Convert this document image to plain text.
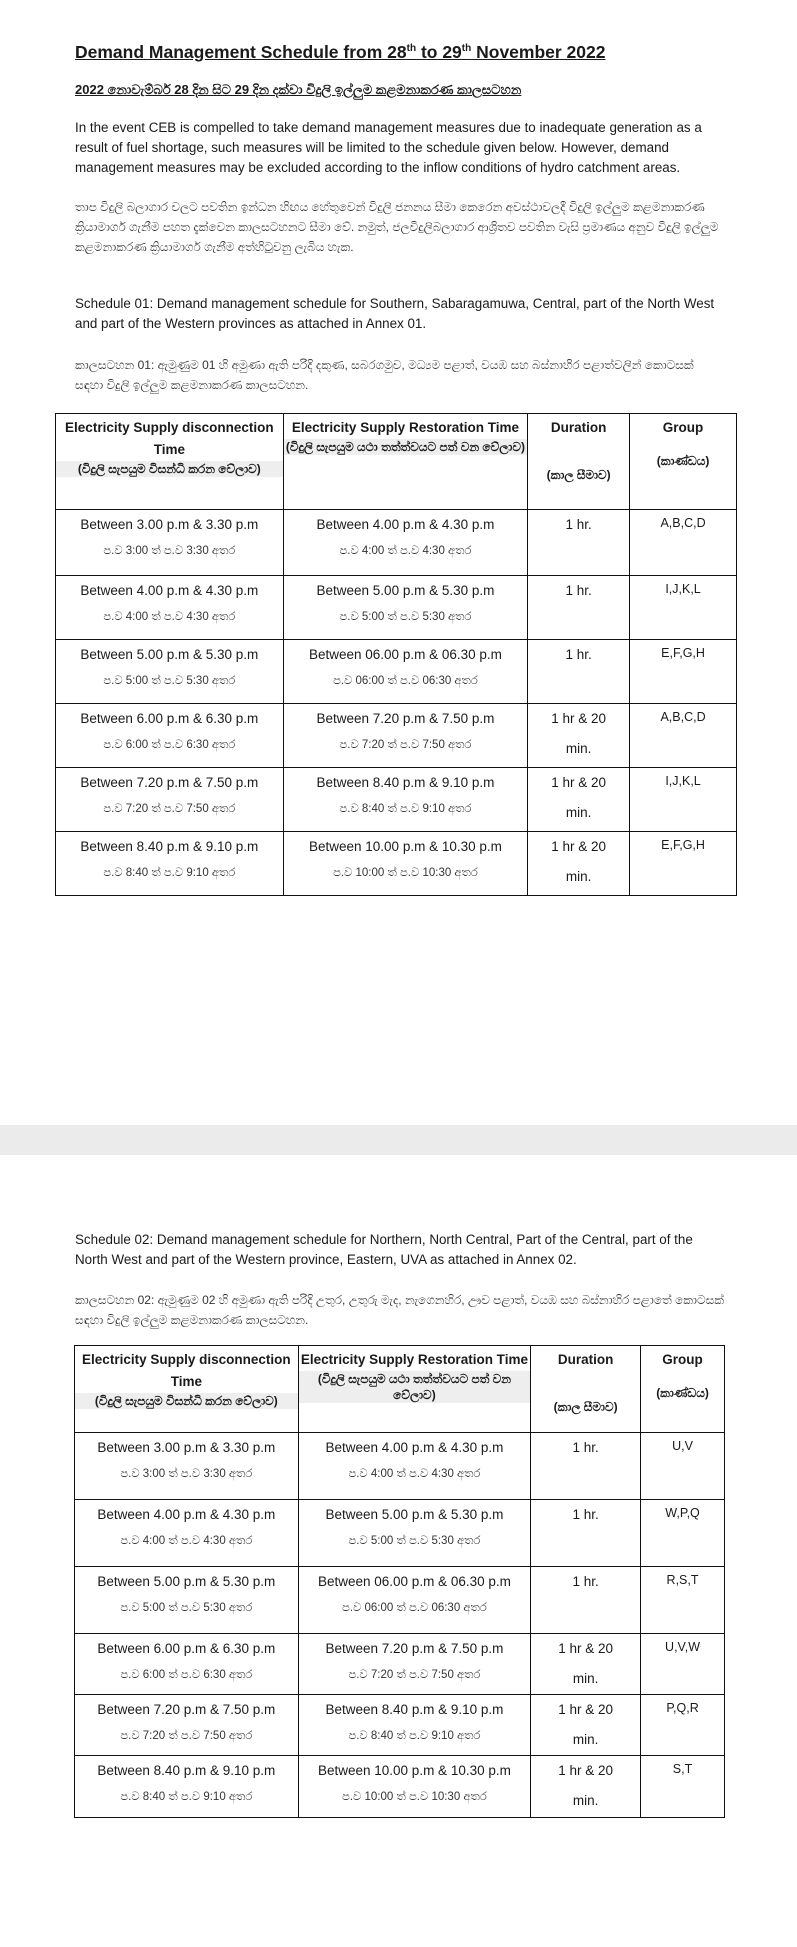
Demand Management Schedule from 28th to 29th November 2022
2022 නොවැම්බර් 28 දින සිට 29 දින දක්වා විදුලි ඉල්ලුම කළමනාකරණ කාලසටහන
In the event CEB is compelled to take demand management measures due to inadequate generation as a result of fuel shortage, such measures will be limited to the schedule given below. However, demand management measures may be excluded according to the inflow conditions of hydro catchment areas.
තාප විදුලි බලාගාර වලට පවතින ඉන්ධන හිඟය හේතුවෙන් විදුලි ජනනය සීමා කෙරෙන අවස්ථාවලදී විදුලි ඉල්ලුම කළමනාකරණ ක්‍රියාමාර්ග ගැනීම පහත දැක්වෙන කාලසටහනට සීමා වේ. නමුත්, ජලවිදුලිබලාගාර ආශ්‍රිතව පවතින වැසි ප්‍රමාණය අනුව විදුලි ඉල්ලුම කළමනාකරණ ක්‍රියාමාර්ග ගැනීම අත්හිටුවනු ලැබිය හැක.
Schedule 01: Demand management schedule for Southern, Sabaragamuwa, Central, part of the North West and part of the Western provinces as attached in Annex 01.
කාලසටහන 01: ඇමුණුම 01 හි අමුණා ඇති පරිදි දකුණ, සබරගමුව, මධ්‍යම පළාත්, වයඹ සහ බස්නාහිර පළාත්වලින් කොටසක් සඳහා විදුලි ඉල්ලුම කළමනාකරණ කාලසටහන.
Electricity Supply disconnection Time
(විදුලි සැපයුම විසන්ධි කරන වේලාව)	Electricity Supply Restoration Time
(විදුලි සැපයුම යථා තත්ත්වයට පත් වන වේලාව)	Duration
(කාල සීමාව)	Group
(කාණ්ඩය)

Between 3.00 p.m & 3.30 p.m
ප.ව 3:00 ත් ප.ව 3:30 අතර	Between 4.00 p.m & 4.30 p.m
ප.ව 4:00 ත් ප.ව 4:30 අතර	1 hr.	A,B,C,D

Between 4.00 p.m & 4.30 p.m
ප.ව 4:00 ත් ප.ව 4:30 අතර	Between 5.00 p.m & 5.30 p.m
ප.ව 5:00 ත් ප.ව 5:30 අතර	1 hr.	I,J,K,L

Between 5.00 p.m & 5.30 p.m
ප.ව 5:00 ත් ප.ව 5:30 අතර	Between 06.00 p.m & 06.30 p.m
ප.ව 06:00 ත් ප.ව 06:30 අතර	1 hr.	E,F,G,H

Between 6.00 p.m & 6.30 p.m
ප.ව 6:00 ත් ප.ව 6:30 අතර	Between 7.20 p.m & 7.50 p.m
ප.ව 7:20 ත් ප.ව 7:50 අතර	1 hr & 20
min.	A,B,C,D

Between 7.20 p.m & 7.50 p.m
ප.ව 7:20 ත් ප.ව 7:50 අතර	Between 8.40 p.m & 9.10 p.m
ප.ව 8:40 ත් ප.ව 9:10 අතර	1 hr & 20
min.	I,J,K,L

Between 8.40 p.m & 9.10 p.m
ප.ව 8:40 ත් ප.ව 9:10 අතර	Between 10.00 p.m & 10.30 p.m
ප.ව 10:00 ත් ප.ව 10:30 අතර	1 hr & 20
min.	E,F,G,H
Schedule 02: Demand management schedule for Northern, North Central, Part of the Central, part of the North West and part of the Western province, Eastern, UVA as attached in Annex 02.
කාලසටහන 02: ඇමුණුම 02 හි අමුණා ඇති පරිදි උතුර, උතුරු මැද, නැගෙනහිර, ඌව පළාත්, වයඹ සහ බස්නාහිර පළාතේ කොටසක් සඳහා විදුලි ඉල්ලුම කළමනාකරණ කාලසටහන.
Electricity Supply disconnection Time
(විදුලි සැපයුම විසන්ධි කරන වේලාව)	Electricity Supply Restoration Time
(විදුලි සැපයුම යථා තත්ත්වයට පත් වන වේලාව)	Duration
(කාල සීමාව)	Group
(කාණ්ඩය)

Between 3.00 p.m & 3.30 p.m
ප.ව 3:00 ත් ප.ව 3:30 අතර	Between 4.00 p.m & 4.30 p.m
ප.ව 4:00 ත් ප.ව 4:30 අතර	1 hr.	U,V

Between 4.00 p.m & 4.30 p.m
ප.ව 4:00 ත් ප.ව 4:30 අතර	Between 5.00 p.m & 5.30 p.m
ප.ව 5:00 ත් ප.ව 5:30 අතර	1 hr.	W,P,Q

Between 5.00 p.m & 5.30 p.m
ප.ව 5:00 ත් ප.ව 5:30 අතර	Between 06.00 p.m & 06.30 p.m
ප.ව 06:00 ත් ප.ව 06:30 අතර	1 hr.	R,S,T

Between 6.00 p.m & 6.30 p.m
ප.ව 6:00 ත් ප.ව 6:30 අතර	Between 7.20 p.m & 7.50 p.m
ප.ව 7:20 ත් ප.ව 7:50 අතර	1 hr & 20
min.	U,V,W

Between 7.20 p.m & 7.50 p.m
ප.ව 7:20 ත් ප.ව 7:50 අතර	Between 8.40 p.m & 9.10 p.m
ප.ව 8:40 ත් ප.ව 9:10 අතර	1 hr & 20
min.	P,Q,R

Between 8.40 p.m & 9.10 p.m
ප.ව 8:40 ත් ප.ව 9:10 අතර	Between 10.00 p.m & 10.30 p.m
ප.ව 10:00 ත් ප.ව 10:30 අතර	1 hr & 20
min.	S,T
